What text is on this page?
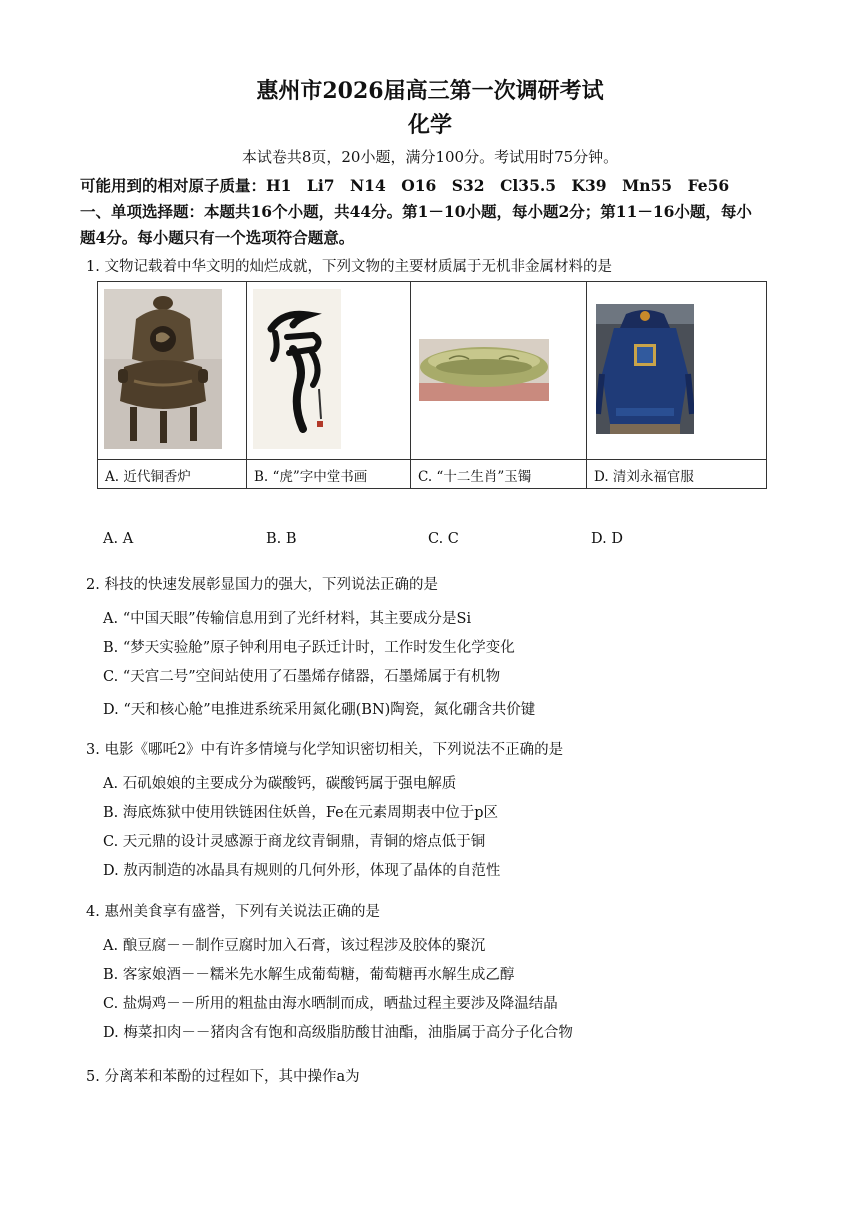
惠州市2026届高三第一次调研考试
化学
本试卷共8页，20小题，满分100分。考试用时75分钟。
可能用到的相对原子质量：H1　Li7　N14　O16　S32　Cl35.5　K39　Mn55　Fe56
一、单项选择题：本题共16个小题，共44分。第1－10小题，每小题2分；第11－16小题，每小
题4分。每小题只有一个选项符合题意。
1. 文物记载着中华文明的灿烂成就，下列文物的主要材质属于无机非金属材料的是
A. 近代铜香炉	B. “虎”字中堂书画	C. “十二生肖”玉镯	D. 清刘永福官服
A. A	B. B	C. C	D. D
2. 科技的快速发展彰显国力的强大，下列说法正确的是
A. “中国天眼”传输信息用到了光纤材料，其主要成分是Si
B. “梦天实验舱”原子钟利用电子跃迁计时，工作时发生化学变化
C. “天宫二号”空间站使用了石墨烯存储器，石墨烯属于有机物
D. “天和核心舱”电推进系统采用氮化硼(BN)陶瓷，氮化硼含共价键
3. 电影《哪吒2》中有许多情境与化学知识密切相关，下列说法不正确的是
A. 石矶娘娘的主要成分为碳酸钙，碳酸钙属于强电解质
B. 海底炼狱中使用铁链困住妖兽，Fe在元素周期表中位于p区
C. 天元鼎的设计灵感源于商龙纹青铜鼎，青铜的熔点低于铜
D. 敖丙制造的冰晶具有规则的几何外形，体现了晶体的自范性
4. 惠州美食享有盛誉，下列有关说法正确的是
A. 酿豆腐－－制作豆腐时加入石膏，该过程涉及胶体的聚沉
B. 客家娘酒－－糯米先水解生成葡萄糖，葡萄糖再水解生成乙醇
C. 盐焗鸡－－所用的粗盐由海水晒制而成，晒盐过程主要涉及降温结晶
D. 梅菜扣肉－－猪肉含有饱和高级脂肪酸甘油酯，油脂属于高分子化合物
5. 分离苯和苯酚的过程如下，其中操作a为
